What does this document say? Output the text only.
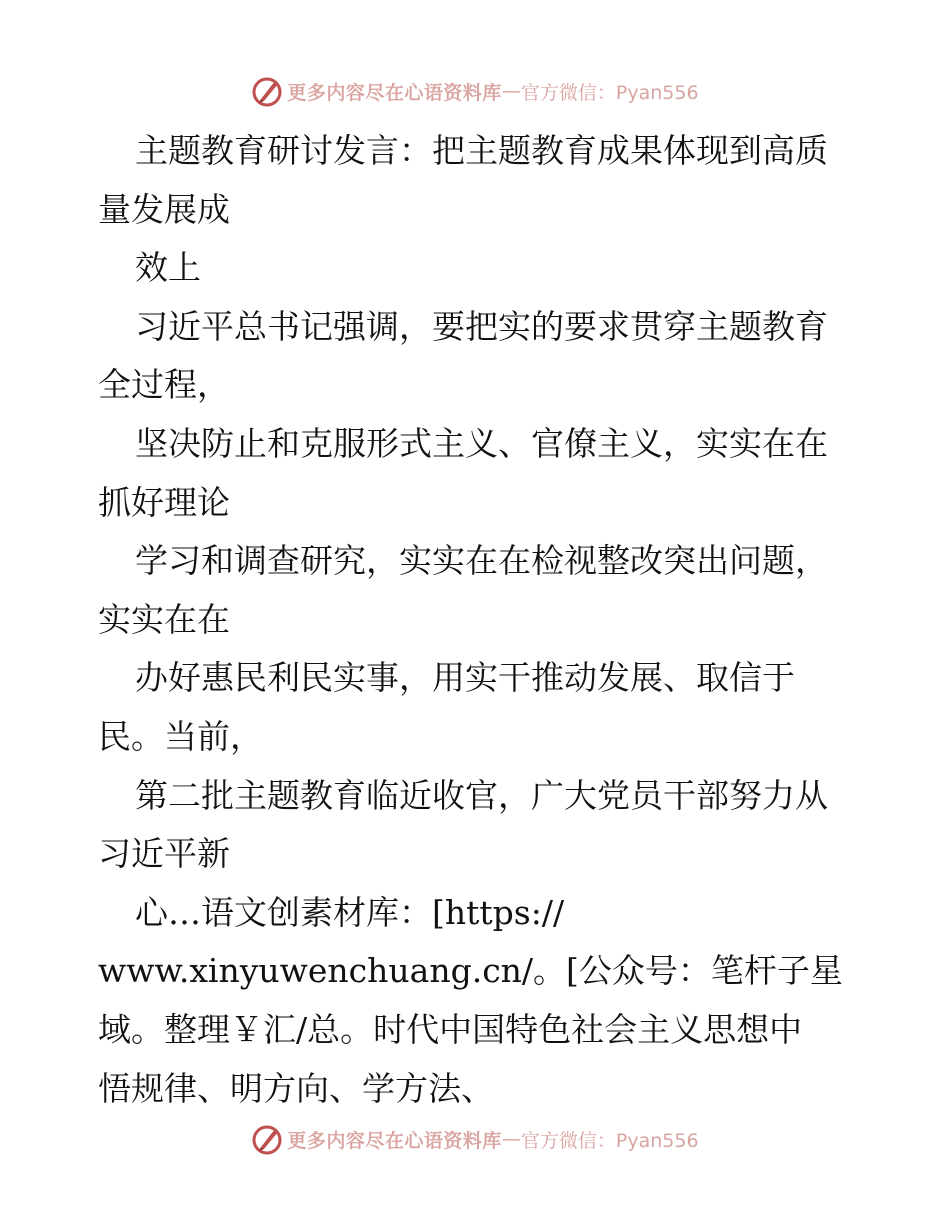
更多内容尽在心语资料库 — 官方微信：Pyan556
主题教育研讨发言：把主题教育成果体现到高质
量发展成
效上
习近平总书记强调，要把实的要求贯穿主题教育
全过程，
坚决防止和克服形式主义、官僚主义，实实在在
抓好理论
学习和调查研究，实实在在检视整改突出问题，
实实在在
办好惠民利民实事，用实干推动发展、取信于
民。当前，
第二批主题教育临近收官，广大党员干部努力从
习近平新
心…语文创素材库：[https://
www.xinyuwenchuang.cn/。[公众号：笔杆子星
域。整理￥汇/总。时代中国特色社会主义思想中
悟规律、明方向、学方法、
更多内容尽在心语资料库 — 官方微信：Pyan556
